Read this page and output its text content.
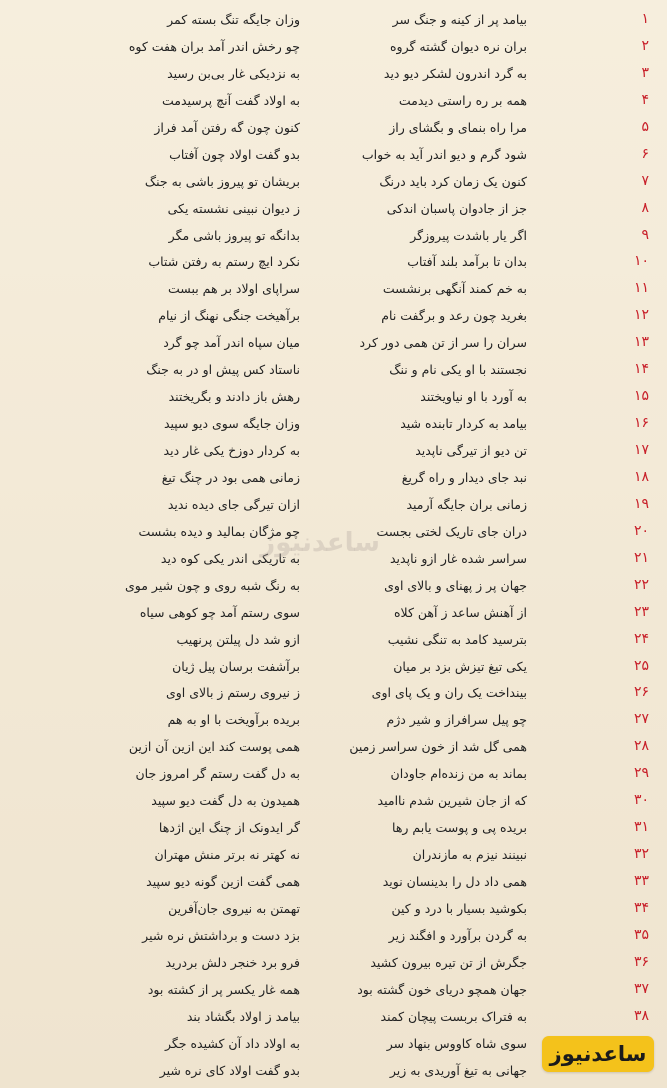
۱
وزان جایگه تنگ بسته کمر	بیامد پر از کینه و جنگ سر
۲
چو رخش اندر آمد بران هفت کوه	بران نره دیوان گشته گروه
۳
به نزدیکی غار بی‌بن رسید	به گرد اندرون لشکر دیو دید
۴
به اولاد گفت آنچ پرسیدمت	همه بر ره راستی دیدمت
۵
کنون چون گه رفتن آمد فراز	مرا راه بنمای و بگشای راز
۶
بدو گفت اولاد چون آفتاب	شود گرم و دیو اندر آید به خواب
۷
بریشان تو پیروز باشی به جنگ	کنون یک زمان کرد باید درنگ
۸
ز دیوان نبینی نشسته یکی	جز از جادوان پاسبان اندکی
۹
بدانگه تو پیروز باشی مگر	اگر یار باشدت پیروزگر
۱۰
نکرد ایچ رستم به رفتن شتاب	بدان تا برآمد بلند آفتاب
۱۱
سراپای اولاد بر هم ببست	به خم کمند آنگهی برنشست
۱۲
برآهیخت جنگی نهنگ از نیام	بغرید چون رعد و برگفت نام
۱۳
میان سپاه اندر آمد چو گرد	سران را سر از تن همی دور کرد
۱۴
ناستاد کس پیش او در به جنگ	نجستند با او یکی نام و ننگ
۱۵
رهش باز دادند و بگریختند	به آورد با او نیاویختند
۱۶
وزان جایگه سوی دیو سپید	بیامد به کردار تابنده شید
۱۷
به کردار دوزخ یکی غار دید	تن دیو از تیرگی ناپدید
۱۸
زمانی همی بود در چنگ تیغ	نبد جای دیدار و راه گریغ
۱۹
ازان تیرگی جای دیده ندید	زمانی بران جایگه آرمید
۲۰
چو مژگان بمالید و دیده بشست	دران جای تاریک لختی بجست
۲۱
به تاریکی اندر یکی کوه دید	سراسر شده غار ازو ناپدید
۲۲
به رنگ شبه روی و چون شیر موی	جهان پر ز پهنای و بالای اوی
۲۳
سوی رستم آمد چو کوهی سیاه	از آهنش ساعد ز آهن کلاه
۲۴
ازو شد دل پیلتن پرنهیب	بترسید کامد به تنگی نشیب
۲۵
برآشفت برسان پیل ژیان	یکی تیغ تیزش بزد بر میان
۲۶
ز نیروی رستم ز بالای اوی	بینداخت یک ران و یک پای اوی
۲۷
بریده برآویخت با او به هم	چو پیل سرافراز و شیر دژم
۲۸
همی پوست کند این ازین آن ازین	همی گل شد از خون سراسر زمین
۲۹
به دل گفت رستم گر امروز جان	بماند به من زنده‌ام جاودان
۳۰
همیدون به دل گفت دیو سپید	که از جان شیرین شدم ناامید
۳۱
گر ایدونک از چنگ این اژدها	بریده پی و پوست یابم رها
۳۲
نه کهتر نه برتر منش مهتران	نبینند نیزم به مازندران
۳۳
همی گفت ازین گونه دیو سپید	همی داد دل را بدینسان نوید
۳۴
تهمتن به نیروی جان‌آفرین	بکوشید بسیار با درد و کین
۳۵
بزد دست و برداشتش نره شیر	به گردن برآورد و افگند زیر
۳۶
فرو برد خنجر دلش بردرید	جگرش از تن تیره بیرون کشید
۳۷
همه غار یکسر پر از کشته بود	جهان همچو دریای خون گشته بود
۳۸
بیامد ز اولاد بگشاد بند	به فتراک بربست پیچان کمند
به اولاد داد آن کشیده جگر	سوی شاه کاووس بنهاد سر
بدو گفت اولاد کای نره شیر	جهانی به تیغ آوریدی به زیر
ساعدنیوز
ساعدنیوز
